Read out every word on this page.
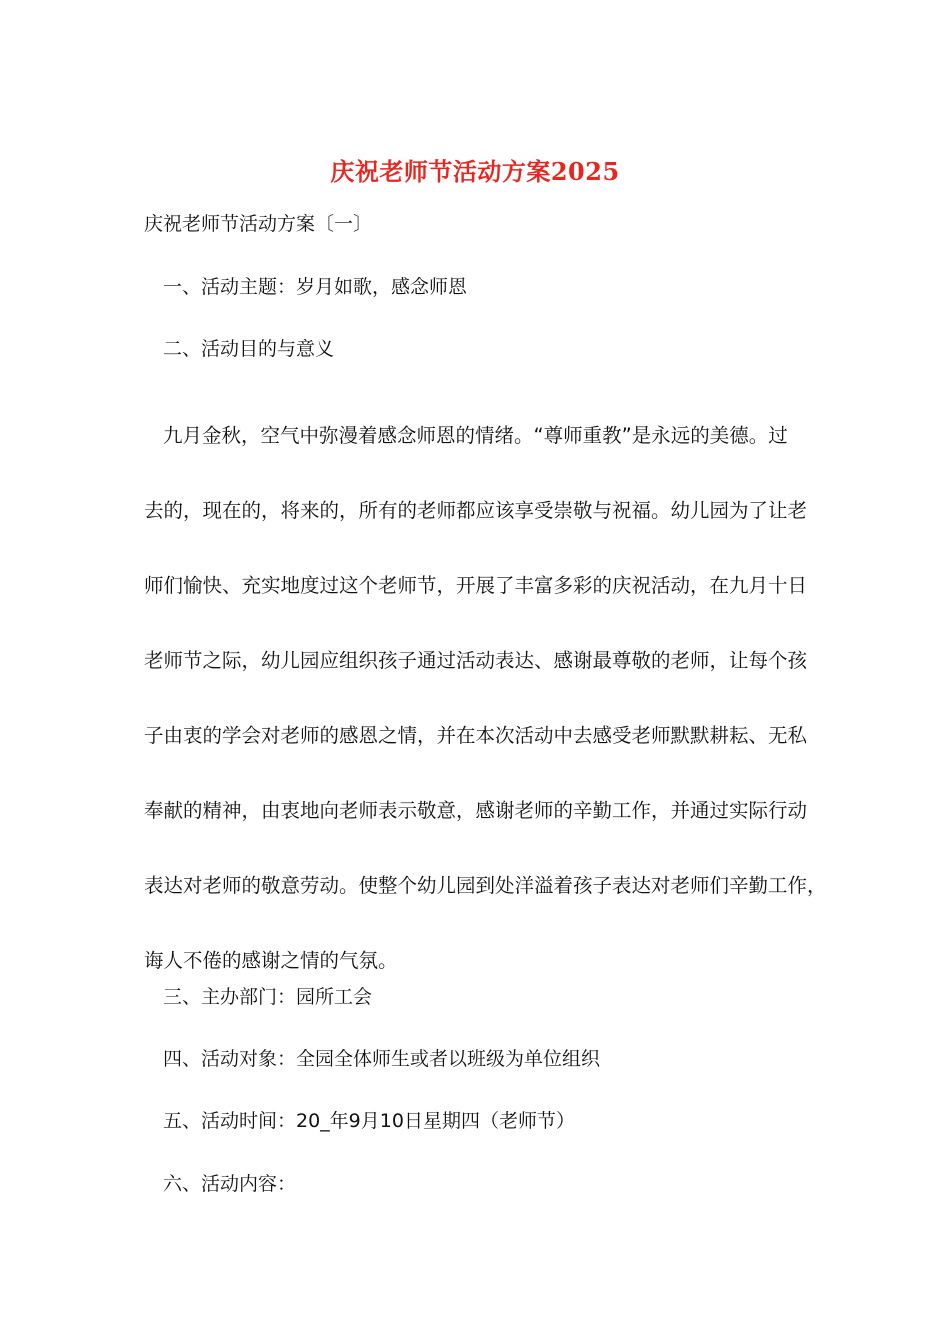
庆祝老师节活动方案2025
庆祝老师节活动方案〔一〕
一、活动主题：岁月如歌，感念师恩
二、活动目的与意义
九月金秋，空气中弥漫着感念师恩的情绪。“尊师重教”是永远的美德。过
去的，现在的，将来的，所有的老师都应该享受崇敬与祝福。幼儿园为了让老
师们愉快、充实地度过这个老师节，开展了丰富多彩的庆祝活动，在九月十日
老师节之际，幼儿园应组织孩子通过活动表达、感谢最尊敬的老师，让每个孩
子由衷的学会对老师的感恩之情，并在本次活动中去感受老师默默耕耘、无私
奉献的精神，由衷地向老师表示敬意，感谢老师的辛勤工作，并通过实际行动
表达对老师的敬意劳动。使整个幼儿园到处洋溢着孩子表达对老师们辛勤工作，
诲人不倦的感谢之情的气氛。
三、主办部门：园所工会
四、活动对象：全园全体师生或者以班级为单位组织
五、活动时间：20_年9月10日星期四（老师节）
六、活动内容：
